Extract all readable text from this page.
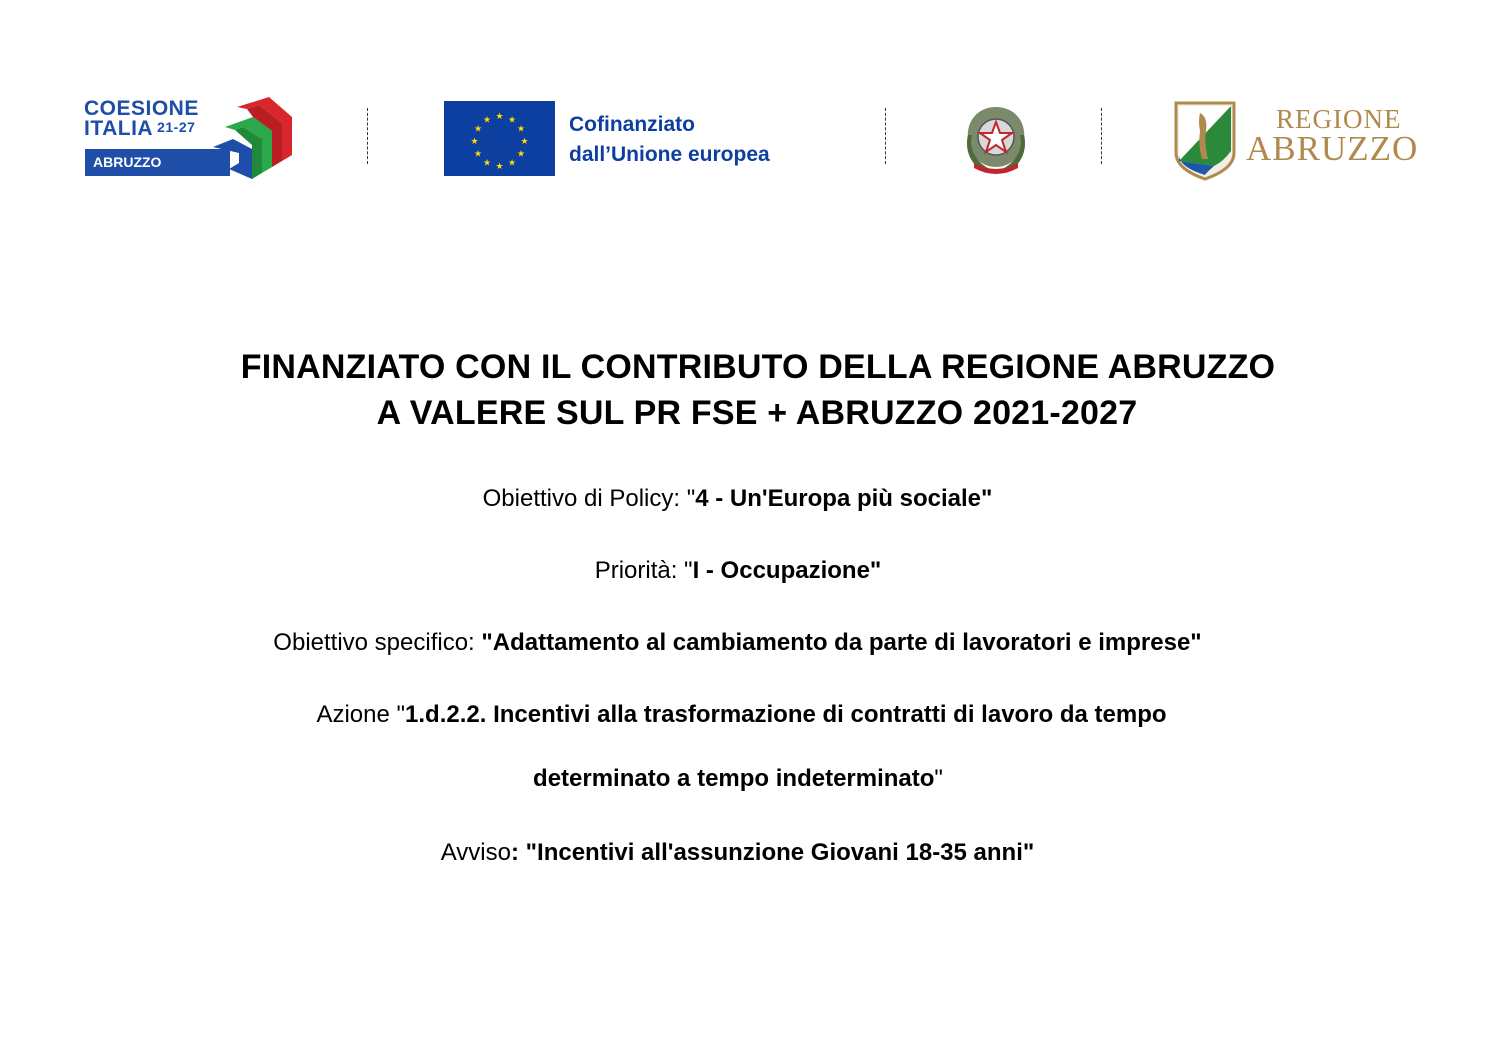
COESIONE
ITALIA 21-27
ABRUZZO
★ ★
★
★
★
★
★
★
★
★
★
★	Cofinanziato
dall’Unione europea
REGIONE
ABRUZZO
FINANZIATO CON IL CONTRIBUTO DELLA REGIONE ABRUZZO
A VALERE SUL PR FSE + ABRUZZO 2021-2027
Obiettivo di Policy: "4 - Un'Europa più sociale"
Priorità: "I - Occupazione"
Obiettivo specifico: "Adattamento al cambiamento da parte di lavoratori e imprese"
Azione "1.d.2.2. Incentivi alla trasformazione di contratti di lavoro da tempo
determinato a tempo indeterminato"
Avviso: "Incentivi all'assunzione Giovani 18-35 anni"
